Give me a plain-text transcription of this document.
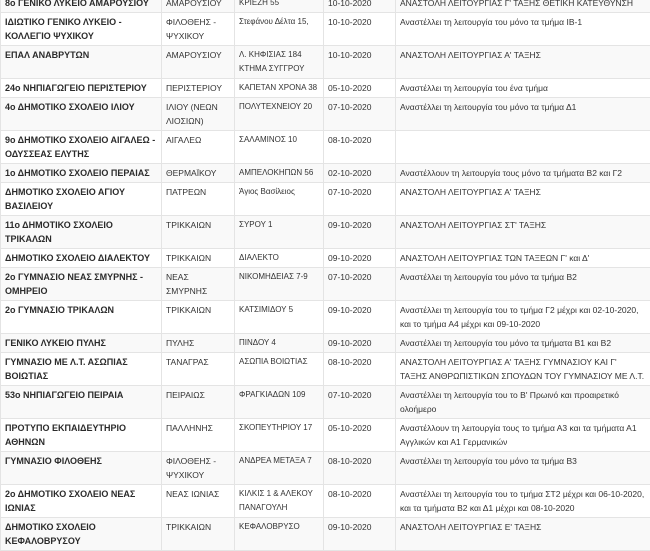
8ο ΓΕΝΙΚΟ ΛΥΚΕΙΟ ΑΜΑΡΟΥΣΙΟΥ	ΑΜΑΡΟΥΣΙΟΥ	ΚΡΙΕΖΗ 55	10-10-2020	ΑΝΑΣΤΟΛΗ ΛΕΙΤΟΥΡΓΙΑΣ Γ' ΤΑΞΗΣ ΘΕΤΙΚΗ ΚΑΤΕΥΘΥΝΣΗ
ΙΔΙΩΤΙΚΟ ΓΕΝΙΚΟ ΛΥΚΕΙΟ - ΚΟΛΛΕΓΙΟ ΨΥΧΙΚΟΥ	ΦΙΛΟΘΕΗΣ - ΨΥΧΙΚΟΥ	Στεφάνου Δέλτα 15,	10-10-2020	Αναστέλλει τη λειτουργία του μόνο τα τμήμα ΙΒ-1
ΕΠΑΛ ΑΝΑΒΡΥΤΩΝ	ΑΜΑΡΟΥΣΙΟΥ	Λ. ΚΗΦΙΣΙΑΣ 184 ΚΤΗΜΑ ΣΥΓΓΡΟΥ	10-10-2020	ΑΝΑΣΤΟΛΗ ΛΕΙΤΟΥΡΓΙΑΣ Α' ΤΑΞΗΣ
24ο ΝΗΠΙΑΓΩΓΕΙΟ ΠΕΡΙΣΤΕΡΙΟΥ	ΠΕΡΙΣΤΕΡΙΟΥ	ΚΑΠΕΤΑΝ ΧΡΟΝΑ 38	05-10-2020	Αναστέλλει τη λειτουργία του ένα τμήμα
4ο ΔΗΜΟΤΙΚΟ ΣΧΟΛΕΙΟ ΙΛΙΟΥ	ΙΛΙΟΥ (ΝΕΩΝ ΛΙΟΣΙΩΝ)	ΠΟΛΥΤΕΧΝΕΙΟΥ 20	07-10-2020	Αναστέλλει τη λειτουργία του μόνο τα τμήμα Δ1
9ο ΔΗΜΟΤΙΚΟ ΣΧΟΛΕΙΟ ΑΙΓΑΛΕΩ - ΟΔΥΣΣΕΑΣ ΕΛΥΤΗΣ	ΑΙΓΑΛΕΩ	ΣΑΛΑΜΙΝΟΣ 10	08-10-2020	
1ο ΔΗΜΟΤΙΚΟ ΣΧΟΛΕΙΟ ΠΕΡΑΙΑΣ	ΘΕΡΜΑΪΚΟΥ	ΑΜΠΕΛΟΚΗΠΩΝ 56	02-10-2020	Αναστέλλουν τη λειτουργία τους μόνο τα τμήματα Β2 και Γ2
ΔΗΜΟΤΙΚΟ ΣΧΟΛΕΙΟ ΑΓΙΟΥ ΒΑΣΙΛΕΙΟΥ	ΠΑΤΡΕΩΝ	Άγιος Βασίλειος	07-10-2020	ΑΝΑΣΤΟΛΗ ΛΕΙΤΟΥΡΓΙΑΣ Α' ΤΑΞΗΣ
11ο ΔΗΜΟΤΙΚΟ ΣΧΟΛΕΙΟ ΤΡΙΚΑΛΩΝ	ΤΡΙΚΚΑΙΩΝ	ΣΥΡΟΥ 1	09-10-2020	ΑΝΑΣΤΟΛΗ ΛΕΙΤΟΥΡΓΙΑΣ ΣΤ' ΤΑΞΗΣ
ΔΗΜΟΤΙΚΟ ΣΧΟΛΕΙΟ ΔΙΑΛΕΚΤΟΥ	ΤΡΙΚΚΑΙΩΝ	ΔΙΑΛΕΚΤΟ	09-10-2020	ΑΝΑΣΤΟΛΗ ΛΕΙΤΟΥΡΓΙΑΣ ΤΩΝ ΤΑΞΕΩΝ Γ' και Δ'
2ο ΓΥΜΝΑΣΙΟ ΝΕΑΣ ΣΜΥΡΝΗΣ - ΟΜΗΡΕΙΟ	ΝΕΑΣ ΣΜΥΡΝΗΣ	ΝΙΚΟΜΗΔΕΙΑΣ 7-9	07-10-2020	Αναστέλλει τη λειτουργία του μόνο τα τμήμα Β2
2ο ΓΥΜΝΑΣΙΟ ΤΡΙΚΑΛΩΝ	ΤΡΙΚΚΑΙΩΝ	ΚΑΤΣΙΜΙΔΟΥ 5	09-10-2020	Αναστέλλει τη λειτουργία του το τμήμα Γ2 μέχρι και 02-10-2020, και το τμήμα Α4 μέχρι και 09-10-2020
ΓΕΝΙΚΟ ΛΥΚΕΙΟ ΠΥΛΗΣ	ΠΥΛΗΣ	ΠΙΝΔΟΥ 4	09-10-2020	Αναστέλλει τη λειτουργία του μόνο τα τμήματα Β1 και Β2
ΓΥΜΝΑΣΙΟ ΜΕ Λ.Τ. ΑΣΩΠΙΑΣ ΒΟΙΩΤΙΑΣ	ΤΑΝΑΓΡΑΣ	ΑΣΩΠΙΑ ΒΟΙΩΤΙΑΣ	08-10-2020	ΑΝΑΣΤΟΛΗ ΛΕΙΤΟΥΡΓΙΑΣ Α' ΤΑΞΗΣ ΓΥΜΝΑΣΙΟΥ ΚΑΙ Γ' ΤΑΞΗΣ ΑΝΘΡΩΠΙΣΤΙΚΩΝ ΣΠΟΥΔΩΝ ΤΟΥ ΓΥΜΝΑΣΙΟΥ ΜΕ Λ.Τ.
53ο ΝΗΠΙΑΓΩΓΕΙΟ ΠΕΙΡΑΙΑ	ΠΕΙΡΑΙΩΣ	ΦΡΑΓΚΙΑΔΩΝ 109	07-10-2020	Αναστέλλει τη λειτουργία του το Β' Πρωινό και προαιρετικό ολοήμερο
ΠΡΟΤΥΠΟ ΕΚΠΑΙΔΕΥΤΗΡΙΟ ΑΘΗΝΩΝ	ΠΑΛΛΗΝΗΣ	ΣΚΟΠΕΥΤΗΡΙΟΥ 17	05-10-2020	Αναστέλλουν τη λειτουργία τους το τμήμα Α3 και τα τμήματα Α1 Αγγλικών και Α1 Γερμανικών
ΓΥΜΝΑΣΙΟ ΦΙΛΟΘΕΗΣ	ΦΙΛΟΘΕΗΣ - ΨΥΧΙΚΟΥ	ΑΝΔΡΕΑ ΜΕΤΑΞΑ 7	08-10-2020	Αναστέλλει τη λειτουργία του μόνο τα τμήμα Β3
2ο ΔΗΜΟΤΙΚΟ ΣΧΟΛΕΙΟ ΝΕΑΣ ΙΩΝΙΑΣ	ΝΕΑΣ ΙΩΝΙΑΣ	ΚΙΛΚΙΣ 1 & ΑΛΕΚΟΥ ΠΑΝΑΓΟΥΛΗ	08-10-2020	Αναστέλλει τη λειτουργία του το τμήμα ΣΤ2 μέχρι και 06-10-2020, και τα τμήματα Β2 και Δ1 μέχρι και 08-10-2020
ΔΗΜΟΤΙΚΟ ΣΧΟΛΕΙΟ ΚΕΦΑΛΟΒΡΥΣΟΥ	ΤΡΙΚΚΑΙΩΝ	ΚΕΦΑΛΟΒΡΥΣΟ	09-10-2020	ΑΝΑΣΤΟΛΗ ΛΕΙΤΟΥΡΓΙΑΣ Ε' ΤΑΞΗΣ
